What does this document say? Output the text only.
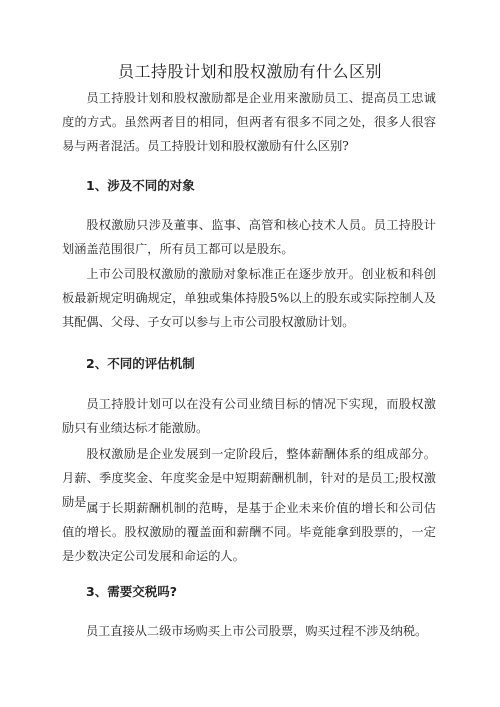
员工持股计划和股权激励有什么区别
员工持股计划和股权激励都是企业用来激励员工、提高员工忠诚度的方式。虽然两者目的相同，但两者有很多不同之处，很多人很容易与两者混活。员工持股计划和股权激励有什么区别?
1、涉及不同的对象
股权激励只涉及董事、监事、高管和核心技术人员。员工持股计划涵盖范围很广，所有员工都可以是股东。
上市公司股权激励的激励对象标准正在逐步放开。创业板和科创板最新规定明确规定，单独或集体持股5%以上的股东或实际控制人及其配偶、父母、子女可以参与上市公司股权激励计划。
2、不同的评估机制
员工持股计划可以在没有公司业绩目标的情况下实现，而股权激励只有业绩达标才能激励。
股权激励是企业发展到一定阶段后，整体薪酬体系的组成部分。月薪、季度奖金、年度奖金是中短期薪酬机制，针对的是员工;股权激励是 属于长期薪酬机制的范畴，是基于企业未来价值的增长和公司估值的增长。股权激励的覆盖面和薪酬不同。毕竟能拿到股票的，一定是少数决定公司发展和命运的人。
3、需要交税吗?
员工直接从二级市场购买上市公司股票，购买过程不涉及纳税。
